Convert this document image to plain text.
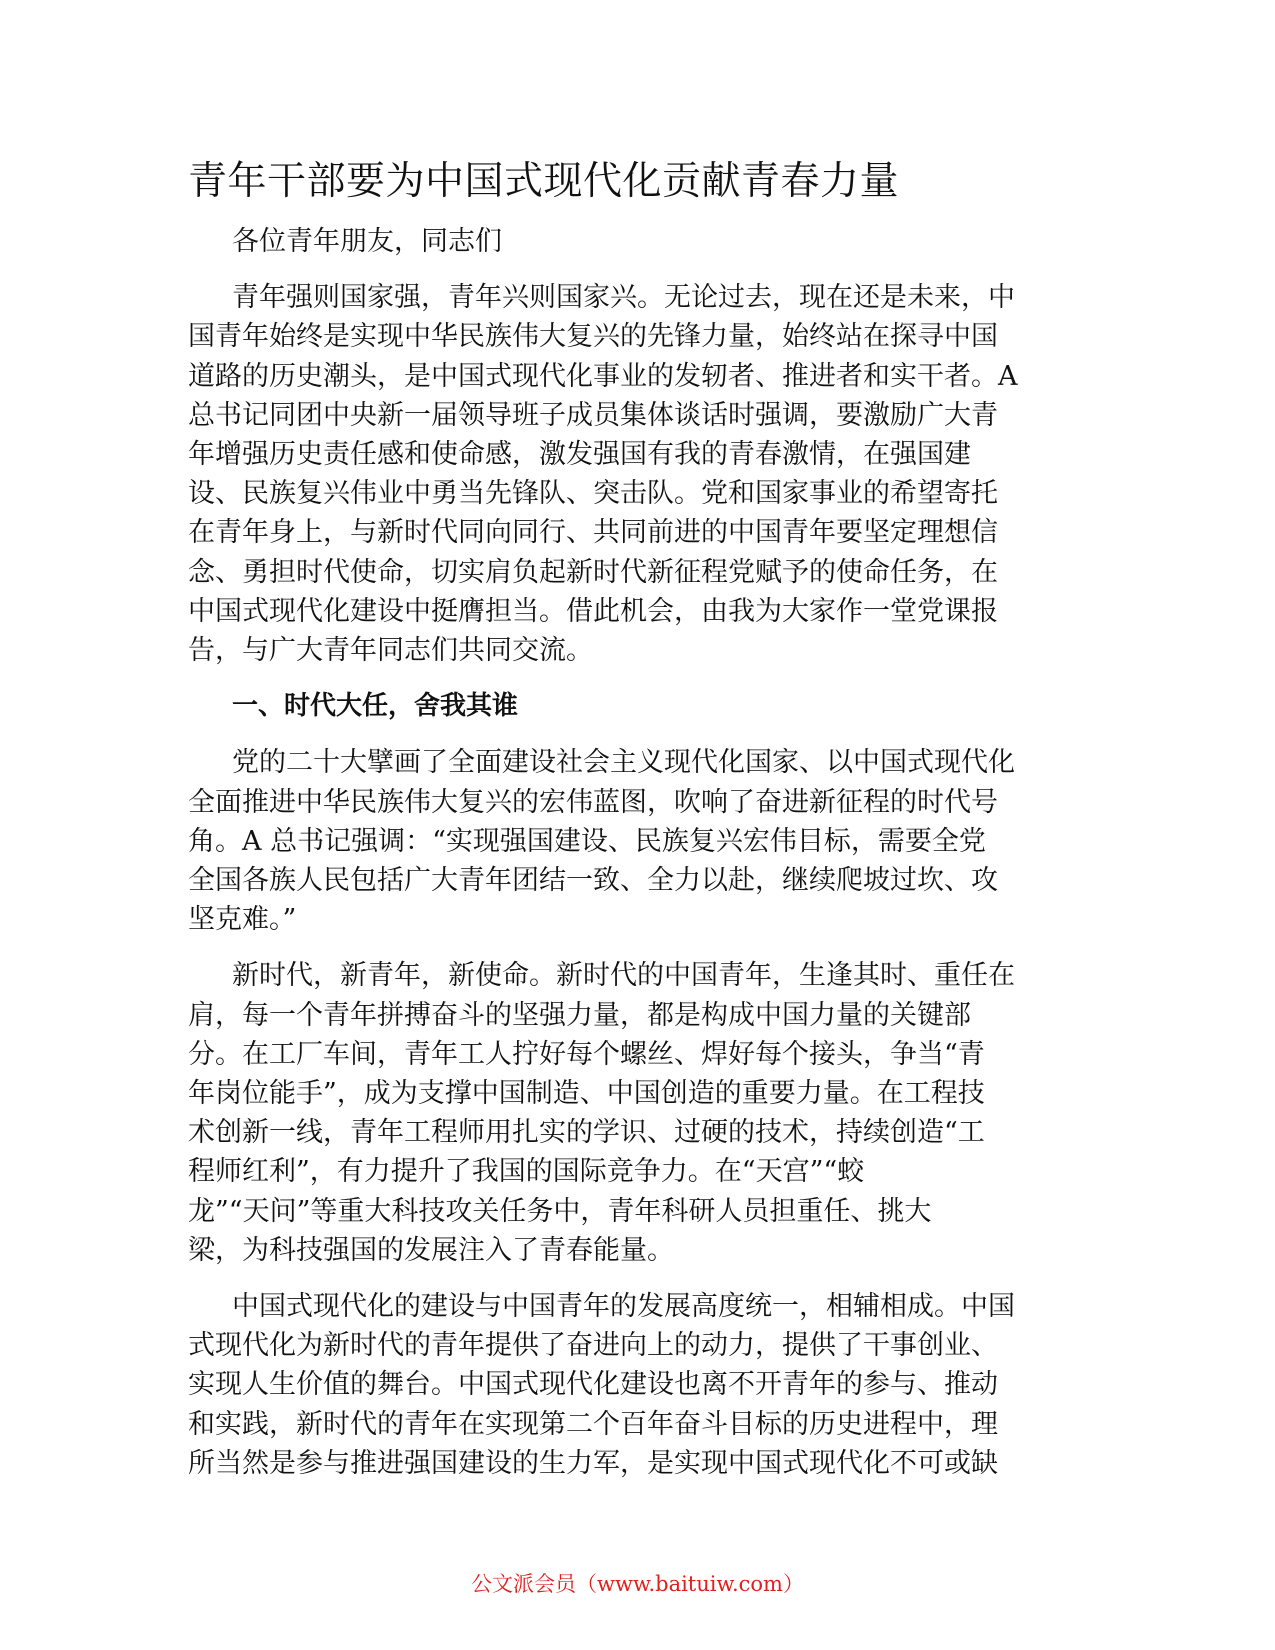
青年干部要为中国式现代化贡献青春力量

各位青年朋友，同志们

青年强则国家强，青年兴则国家兴。无论过去，现在还是未来，中
国青年始终是实现中华民族伟大复兴的先锋力量，始终站在探寻中国
道路的历史潮头，是中国式现代化事业的发轫者、推进者和实干者。A
总书记同团中央新一届领导班子成员集体谈话时强调，要激励广大青
年增强历史责任感和使命感，激发强国有我的青春激情，在强国建
设、民族复兴伟业中勇当先锋队、突击队。党和国家事业的希望寄托
在青年身上，与新时代同向同行、共同前进的中国青年要坚定理想信
念、勇担时代使命，切实肩负起新时代新征程党赋予的使命任务，在
中国式现代化建设中挺膺担当。借此机会，由我为大家作一堂党课报
告，与广大青年同志们共同交流。

一、时代大任，舍我其谁

党的二十大擘画了全面建设社会主义现代化国家、以中国式现代化
全面推进中华民族伟大复兴的宏伟蓝图，吹响了奋进新征程的时代号
角。A 总书记强调：“实现强国建设、民族复兴宏伟目标，需要全党
全国各族人民包括广大青年团结一致、全力以赴，继续爬坡过坎、攻
坚克难。”

新时代，新青年，新使命。新时代的中国青年，生逢其时、重任在
肩，每一个青年拼搏奋斗的坚强力量，都是构成中国力量的关键部
分。在工厂车间，青年工人拧好每个螺丝、焊好每个接头，争当“青
年岗位能手”，成为支撑中国制造、中国创造的重要力量。在工程技
术创新一线，青年工程师用扎实的学识、过硬的技术，持续创造“工
程师红利”，有力提升了我国的国际竞争力。在“天宫”“蛟
龙”“天问”等重大科技攻关任务中，青年科研人员担重任、挑大
梁，为科技强国的发展注入了青春能量。

中国式现代化的建设与中国青年的发展高度统一，相辅相成。中国
式现代化为新时代的青年提供了奋进向上的动力，提供了干事创业、
实现人生价值的舞台。中国式现代化建设也离不开青年的参与、推动
和实践，新时代的青年在实现第二个百年奋斗目标的历史进程中，理
所当然是参与推进强国建设的生力军，是实现中国式现代化不可或缺

公文派会员（www.baituiw.com）
